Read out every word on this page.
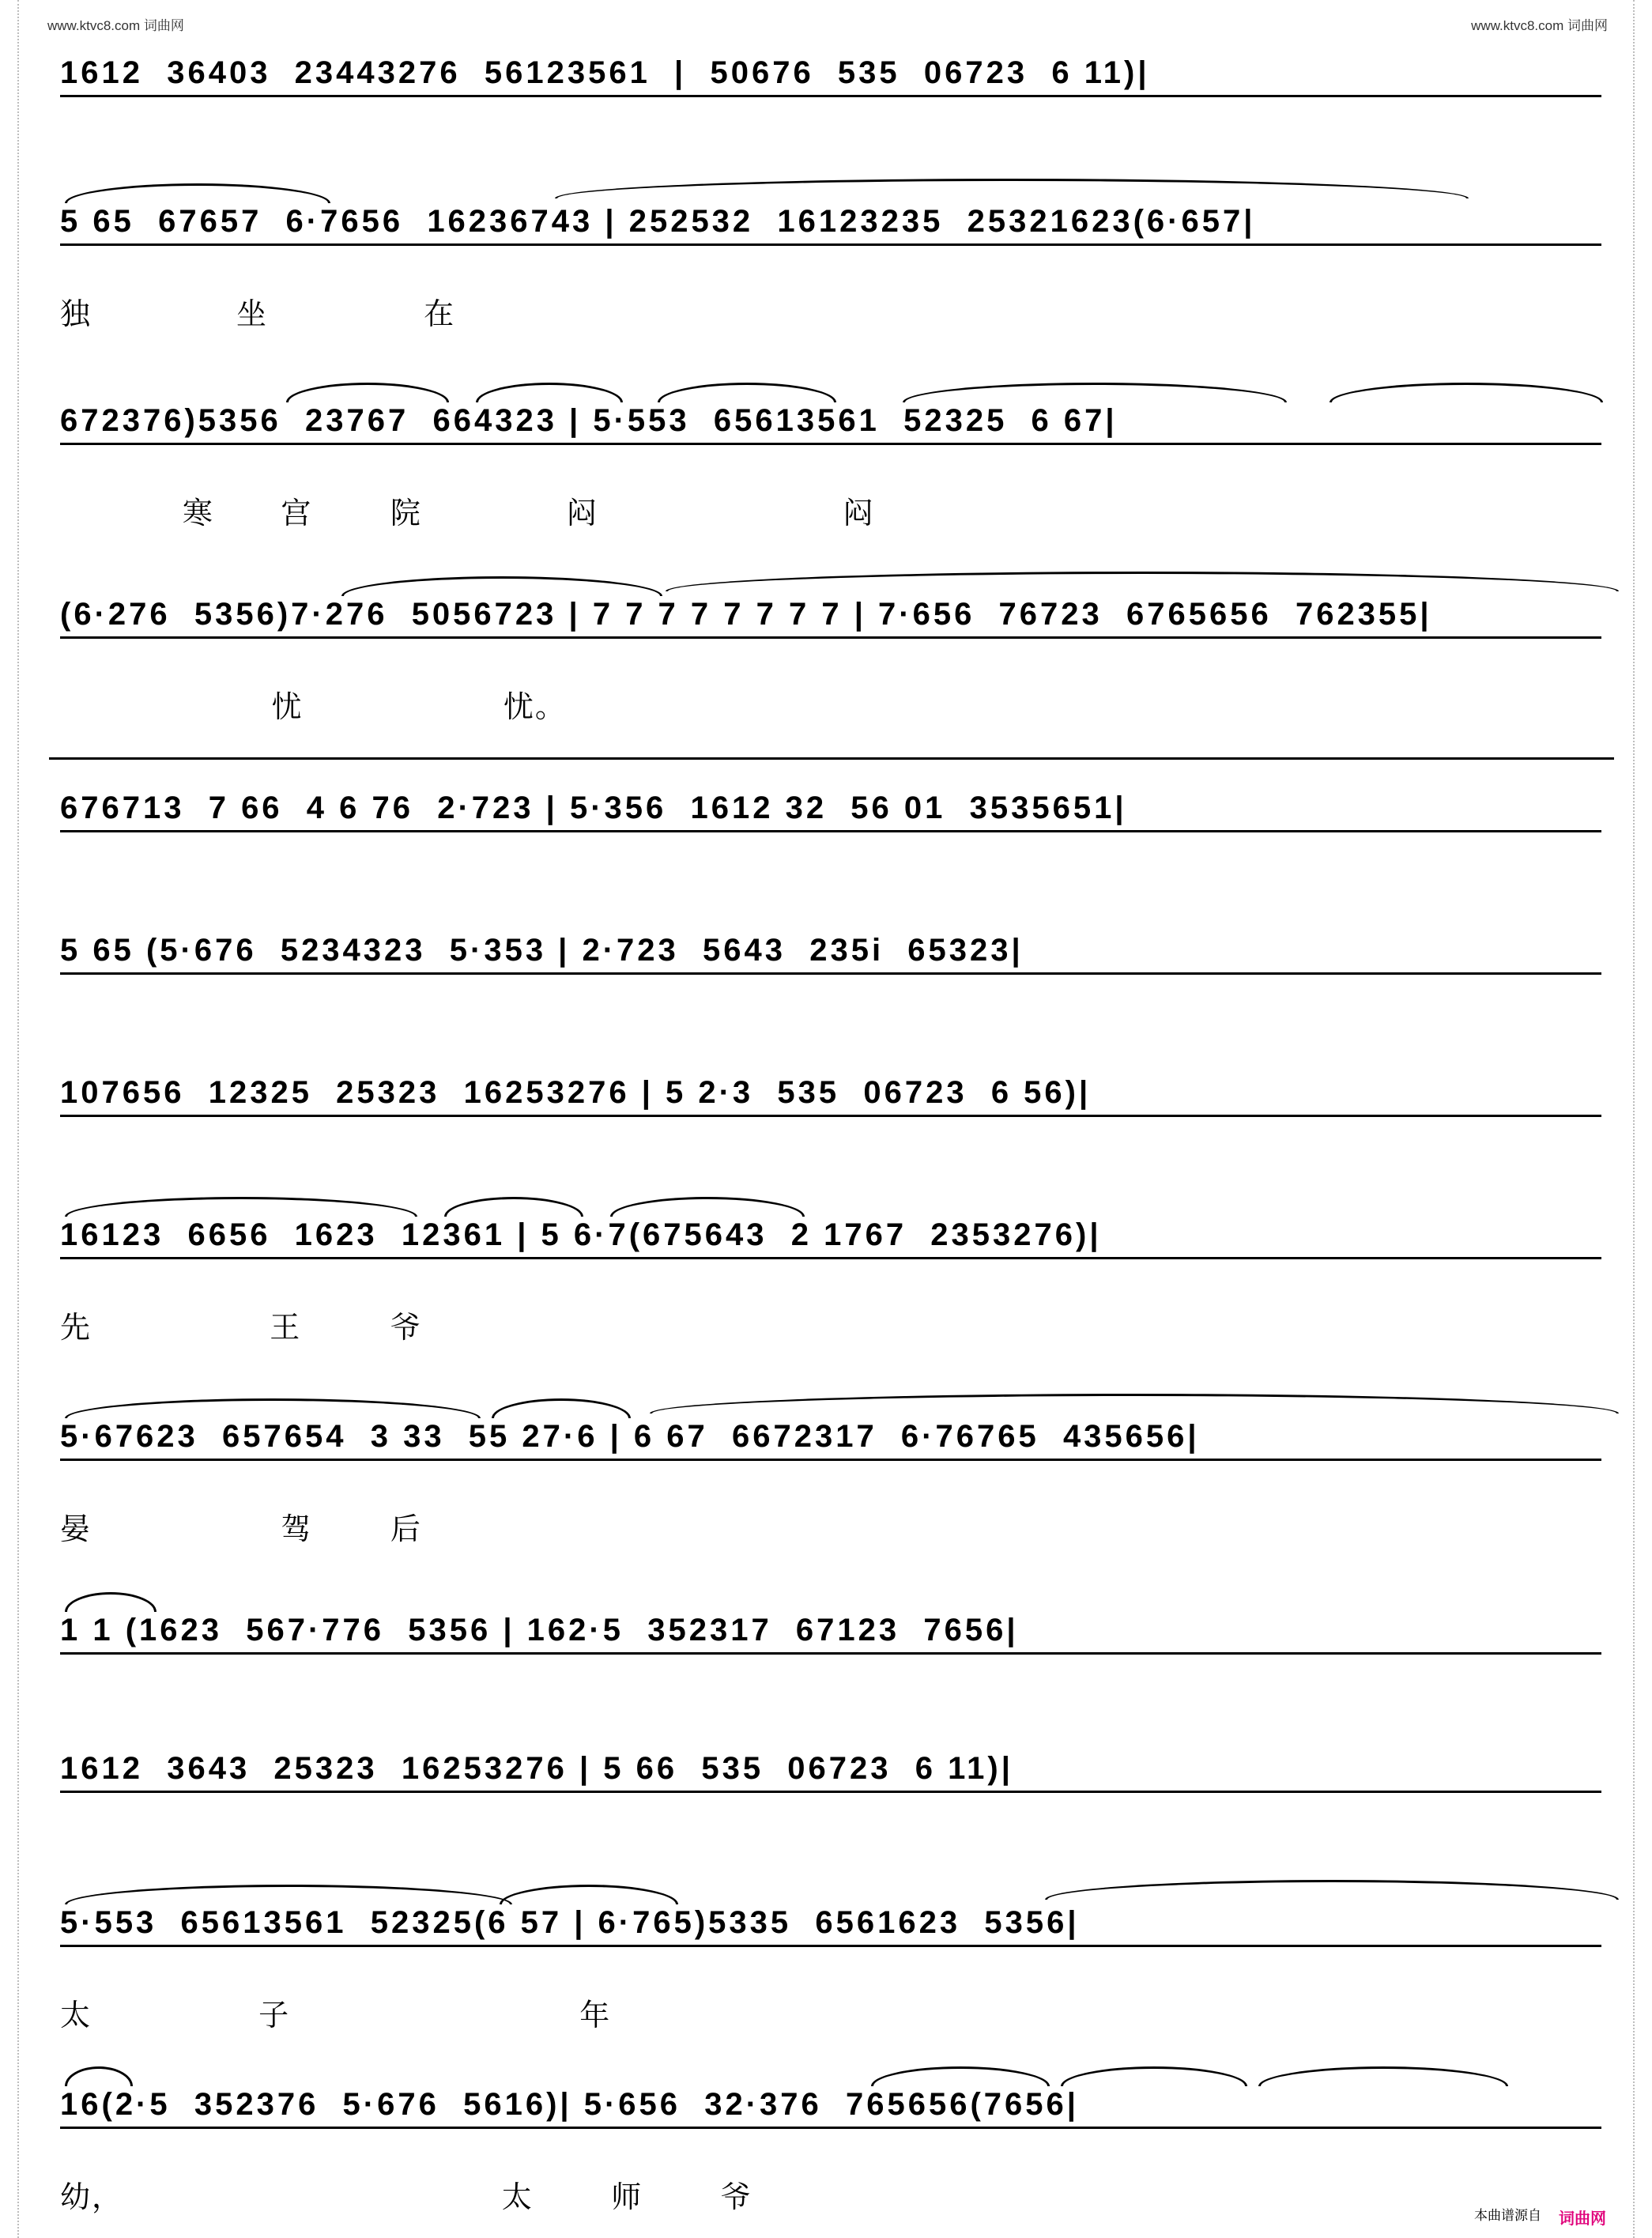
www.ktvc8.com 词曲网	www.ktvc8.com 词曲网
1612  36403  23443276  56123561  |  50676  535  06723  6 11)|
5 65  67657  6·7656  16236743 | 252532  16123235  25321623(6·657|
独             坐              在
672376)5356  23767  664323 | 5·553  65613561  52325  6 67|
寒      宫       院             闷                      闷
(6·276  5356)7·276  5056723 | 7 7 7 7 7 7 7 7 | 7·656  76723  6765656  762355|
忧                  忧。
676713  7 66  4 6 76  2·723 | 5·356  1612 32  56 01  3535651|
5 65 (5·676  5234323  5·353 | 2·723  5643  235i  65323|
107656  12325  25323  16253276 | 5 2·3  535  06723  6 56)|
16123  6656  1623  12361 | 5 6·7(675643  2 1767  2353276)|
先                王        爷
5·67623  657654  3 33  55 27·6 | 6 67  6672317  6·76765  435656|
晏                 驾       后
1 1 (1623  567·776  5356 | 162·5  352317  67123  7656|
1612  3643  25323  16253276 | 5 66  535  06723  6 11)|
5·553  65613561  52325(6 57 | 6·765)5335  6561623  5356|
太               子                          年
16(2·5  352376  5·676  5616)| 5·656  32·376  765656(7656|
幼，                                  太       师       爷
本曲谱源自 词曲网
